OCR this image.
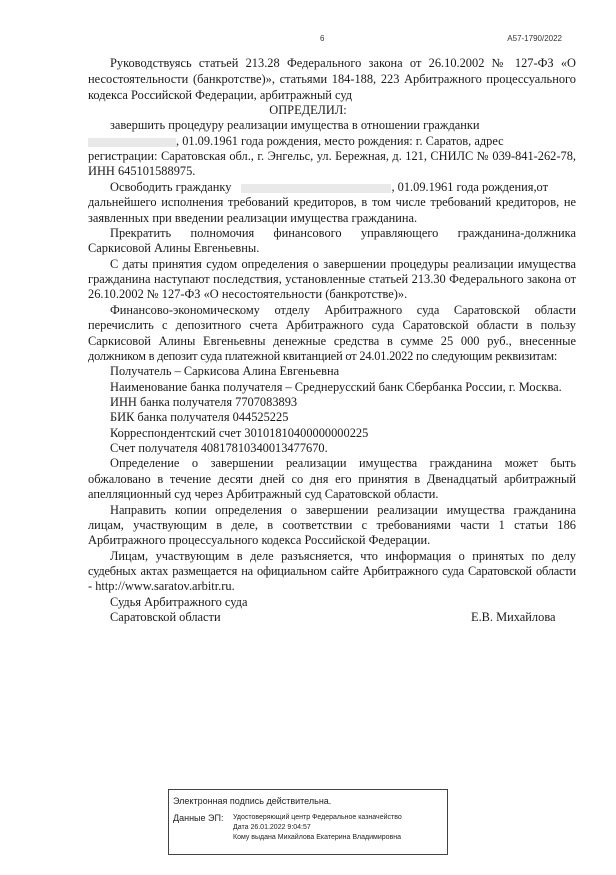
6	А57-1790/2022
Руководствуясь статьей 213.28 Федерального закона от 26.10.2002 № 127-ФЗ «О
несостоятельности (банкротстве)», статьями 184-188, 223 Арбитражного процессуального
кодекса Российской Федерации, арбитражный суд
ОПРЕДЕЛИЛ:
завершить процедуру реализации имущества в отношении гражданки
, 01.09.1961 года рождения, место рождения: г. Саратов, адрес
регистрации: Саратовская обл., г. Энгельс, ул. Бережная, д. 121, СНИЛС № 039-841-262-78,
ИНН 645101588975.
Освободить гражданку	, 01.09.1961 года рождения,от
дальнейшего исполнения требований кредиторов, в том числе требований кредиторов, не
заявленных при введении реализации имущества гражданина.
Прекратить полномочия финансового управляющего гражданина-должника
Саркисовой Алины Евгеньевны.
С даты принятия судом определения о завершении процедуры реализации имущества
гражданина наступают последствия, установленные статьей 213.30 Федерального закона от
26.10.2002 № 127-ФЗ «О несостоятельности (банкротстве)».
Финансово-экономическому отделу Арбитражного суда Саратовской области
перечислить с депозитного счета Арбитражного суда Саратовской области в пользу
Саркисовой Алины Евгеньевны денежные средства в сумме 25 000 руб., внесенные
должником в депозит суда платежной квитанцией от 24.01.2022 по следующим реквизитам:
Получатель – Саркисова Алина Евгеньевна
Наименование банка получателя – Среднерусский банк Сбербанка России, г. Москва.
ИНН банка получателя 7707083893
БИК банка получателя 044525225
Корреспондентский счет 30101810400000000225
Счет получателя 40817810340013477670.
Определение о завершении реализации имущества гражданина может быть
обжаловано в течение десяти дней со дня его принятия в Двенадцатый арбитражный
апелляционный суд через Арбитражный суд Саратовской области.
Направить копии определения о завершении реализации имущества гражданина
лицам, участвующим в деле, в соответствии с требованиями части 1 статьи 186
Арбитражного процессуального кодекса Российской Федерации.
Лицам, участвующим в деле разъясняется, что информация о принятых по делу
судебных актах размещается на официальном сайте Арбитражного суда Саратовской области
- http://www.saratov.arbitr.ru.
Судья Арбитражного суда
Саратовской области	Е.В. Михайлова
Электронная подпись действительна.
Данные ЭП: Удостоверяющий центр Федеральное казначейство
Дата 26.01.2022 9:04:57
Кому выдана Михайлова Екатерина Владимировна
